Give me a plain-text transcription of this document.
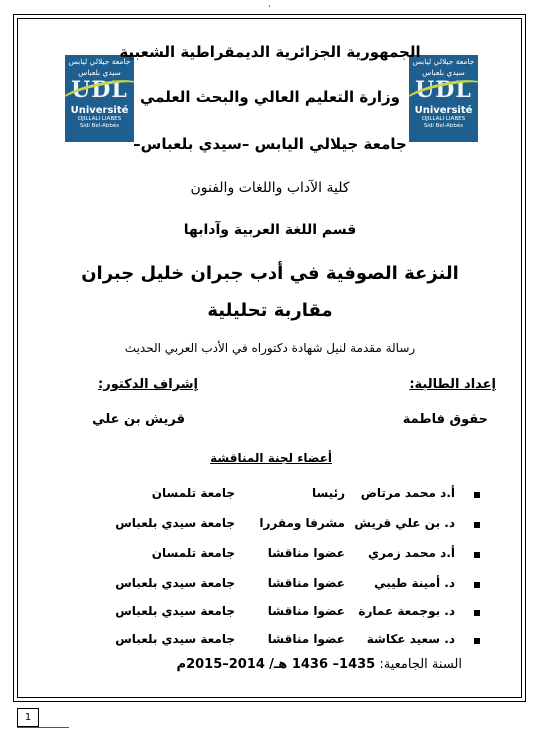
·
جامعة جيلالي ليابس
سيدي بلعباس
UDL
Université
DJILLALI LIABES
Sidi Bel-Abbès
جامعة جيلالي ليابس
سيدي بلعباس
UDL
Université
DJILLALI LIABES
Sidi Bel-Abbès
الجمهورية الجزائرية الديمقراطية الشعبية
وزارة التعليم العالي والبحث العلمي
جامعة جيلالي اليابس –سيدي بلعباس–
كلية الآداب واللغات والفنون
قسم اللغة العربية وآدابها
النزعة الصوفية في أدب جبران خليل جبران
مقاربة تحليلية
رسالة مقدمة لنيل شهادة دكتوراه في الأدب العربي الحديث
إعداد الطالبة:
إشراف الدكتور:
حقوق فاطمة
قريش بن علي
أعضاء لجنة المناقشة
أ.د محمد مرتاض
رئيسا
جامعة تلمسان
د. بن علي قريش
مشرفا ومقررا
جامعة سيدي بلعباس
أ.د محمد زمري
عضوا مناقشا
جامعة تلمسان
د. أمينة طيبي
عضوا مناقشا
جامعة سيدي بلعباس
د. بوجمعة عمارة
عضوا مناقشا
جامعة سيدي بلعباس
د. سعيد عكاشة
عضوا مناقشا
جامعة سيدي بلعباس
السنة الجامعية: 1435– 1436 هـ/ 2014–2015م
1
